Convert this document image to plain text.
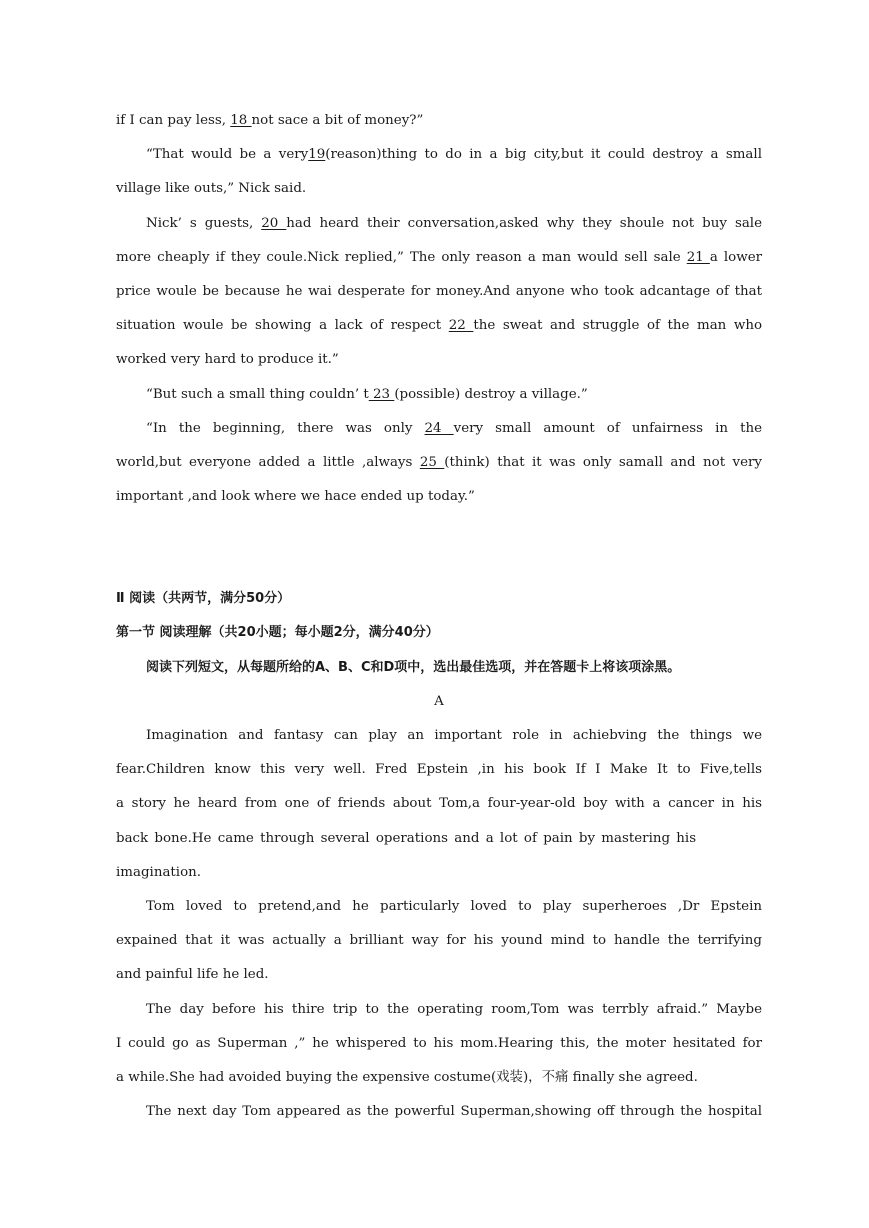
if I can pay less, 18 not sace a bit of money?”
“That would be a very19(reason)thing to do in a big city,but it could destroy a small
village like outs,” Nick said.
Nick’ s guests, 20 had heard their conversation,asked why they shoule not buy sale
more cheaply if they coule.Nick replied,” The only reason a man would sell sale 21 a lower
price woule be because he wai desperate for money.And anyone who took adcantage of that
situation woule be showing a lack of respect 22 the sweat and struggle of the man who
worked very hard to produce it.”
“But such a small thing couldn’ t 23 (possible) destroy a village.”
“In the beginning, there was only 24 very small amount of unfairness in the
world,but everyone added a little ,always 25 (think) that it was only samall and not very
important ,and look where we hace ended up today.”
Ⅱ 阅读（共两节，满分50分）
第一节 阅读理解（共20小题；每小题2分，满分40分）
阅读下列短文，从每题所给的A、B、C和D项中，选出最佳选项，并在答题卡上将该项涂黑。
A
Imagination and fantasy can play an important role in achiebving the things we
fear.Children know this very well. Fred Epstein ,in his book If I Make It to Five,tells
a story he heard from one of friends about Tom,a four-year-old boy with a cancer in his
back bone.He came through several operations and a lot of pain by mastering his
imagination.
Tom loved to pretend,and he particularly loved to play superheroes ,Dr Epstein
expained that it was actually a brilliant way for his yound mind to handle the terrifying
and painful life he led.
The day before his thire trip to the operating room,Tom was terrbly afraid.” Maybe
I could go as Superman ,” he whispered to his mom.Hearing this, the moter hesitated for
a while.She had avoided buying the expensive costume(戏装)，不痛 finally she agreed.
The next day Tom appeared as the powerful Superman,showing off through the hospital
